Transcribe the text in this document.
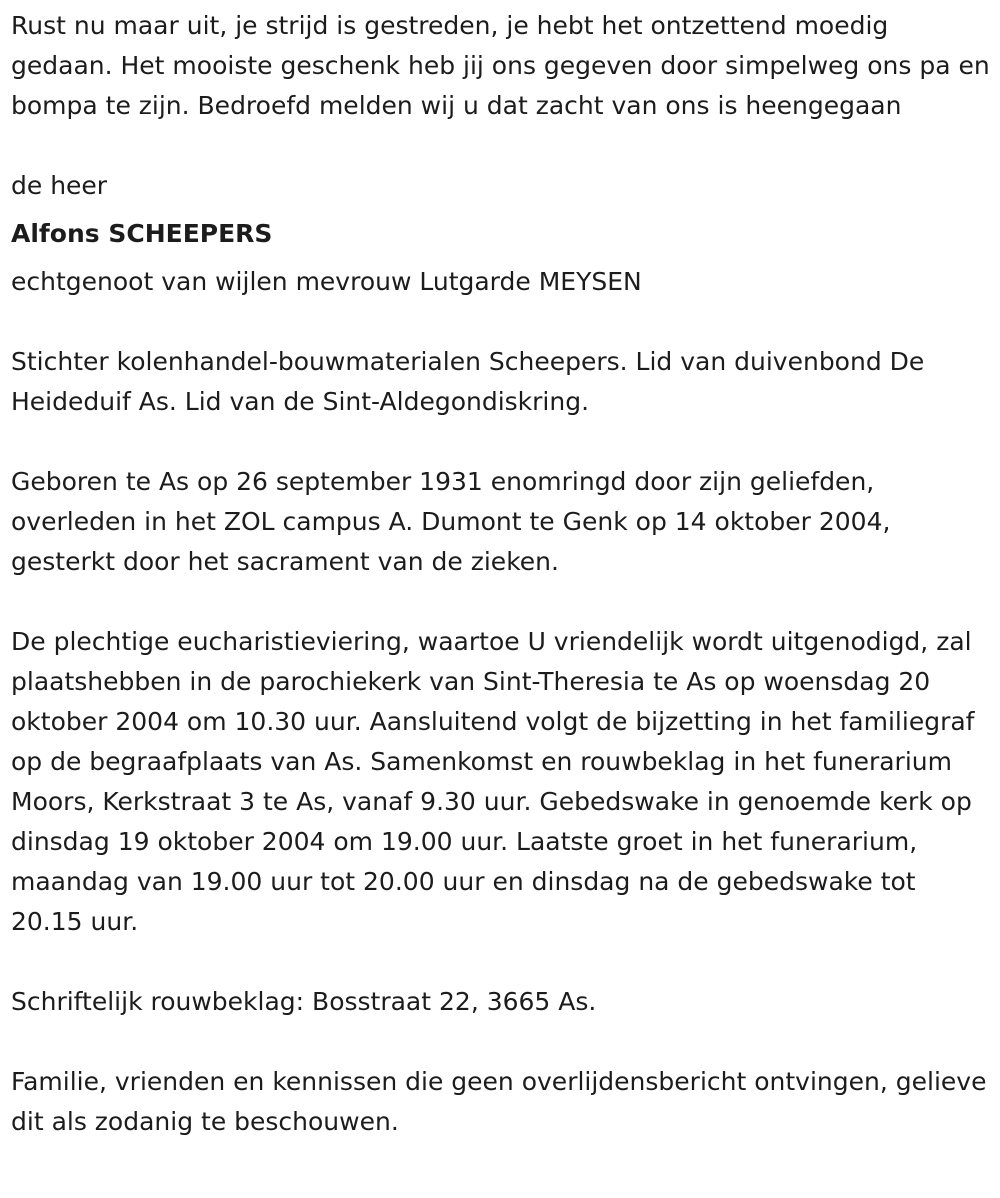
Rust nu maar uit, je strijd is gestreden, je hebt het ontzettend moedig gedaan. Het mooiste geschenk heb jij ons gegeven door simpelweg ons pa en bompa te zijn. Bedroefd melden wij u dat zacht van ons is heengegaan

de heer

Alfons SCHEEPERS

echtgenoot van wijlen mevrouw Lutgarde MEYSEN

Stichter kolenhandel-bouwmaterialen Scheepers. Lid van duivenbond De Heideduif As. Lid van de Sint-Aldegondiskring.

Geboren te As op 26 september 1931 enomringd door zijn geliefden, overleden in het ZOL campus A. Dumont te Genk op 14 oktober 2004, gesterkt door het sacrament van de zieken.

De plechtige eucharistieviering, waartoe U vriendelijk wordt uitgenodigd, zal plaatshebben in de parochiekerk van Sint-Theresia te As op woensdag 20 oktober 2004 om 10.30 uur. Aansluitend volgt de bijzetting in het familiegraf op de begraafplaats van As. Samenkomst en rouwbeklag in het funerarium Moors, Kerkstraat 3 te As, vanaf 9.30 uur. Gebedswake in genoemde kerk op dinsdag 19 oktober 2004 om 19.00 uur. Laatste groet in het funerarium, maandag van 19.00 uur tot 20.00 uur en dinsdag na de gebedswake tot 20.15 uur.

Schriftelijk rouwbeklag: Bosstraat 22, 3665 As.

Familie, vrienden en kennissen die geen overlijdensbericht ontvingen, gelieve dit als zodanig te beschouwen.
